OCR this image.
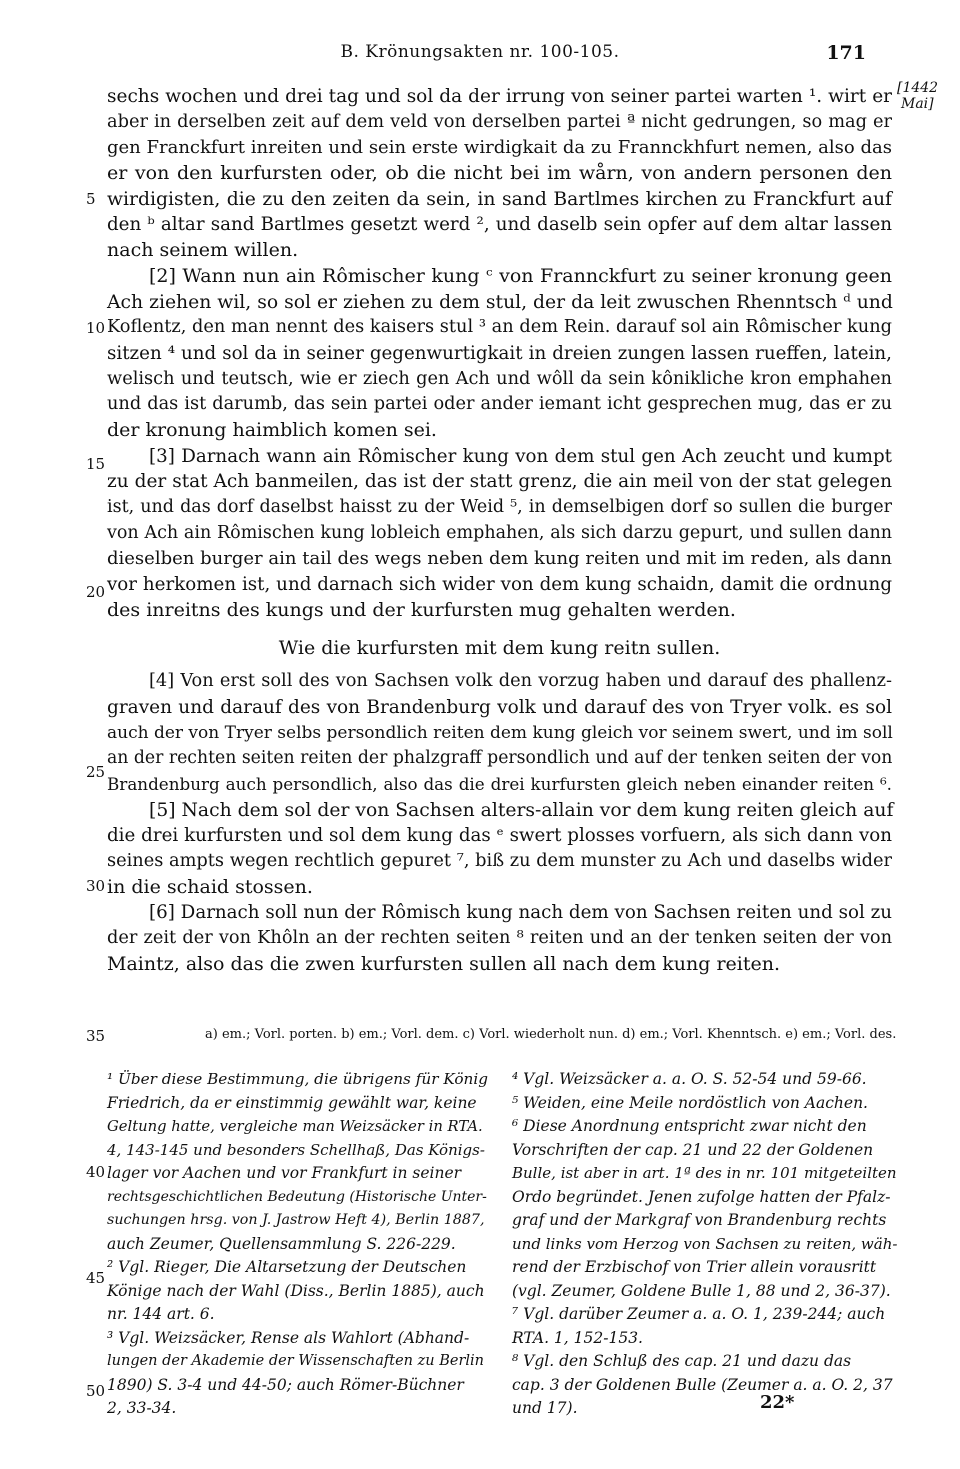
B. Krönungsakten nr. 100-105.	171
[1442
Mai]
5
10
15
20
25
30
35
40
45
50
sechs wochen und drei tag und sol da der irrung von seiner partei warten ¹. wirt er
aber in derselben zeit auf dem veld von derselben partei ª nicht gedrungen, so mag er
gen Franckfurt inreiten und sein erste wirdigkait da zu Frannckhfurt nemen, also das
er von den kurfursten oder, ob die nicht bei im wårn, von andern personen den
wirdigisten, die zu den zeiten da sein, in sand Bartlmes kirchen zu Franckfurt auf
den ᵇ altar sand Bartlmes gesetzt werd ², und daselb sein opfer auf dem altar lassen
nach seinem willen.
[2] Wann nun ain Rômischer kung ᶜ von Frannckfurt zu seiner kronung geen
Ach ziehen wil, so sol er ziehen zu dem stul, der da leit zwuschen Rhenntsch ᵈ und
Koflentz, den man nennt des kaisers stul ³ an dem Rein. darauf sol ain Rômischer kung
sitzen ⁴ und sol da in seiner gegenwurtigkait in dreien zungen lassen rueffen, latein,
welisch und teutsch, wie er ziech gen Ach und wôll da sein kônikliche kron emphahen
und das ist darumb, das sein partei oder ander iemant icht gesprechen mug, das er zu
der kronung haimblich komen sei.
[3] Darnach wann ain Rômischer kung von dem stul gen Ach zeucht und kumpt
zu der stat Ach banmeilen, das ist der statt grenz, die ain meil von der stat gelegen
ist, und das dorf daselbst haisst zu der Weid ⁵, in demselbigen dorf so sullen die burger
von Ach ain Rômischen kung lobleich emphahen, als sich darzu gepurt, und sullen dann
dieselben burger ain tail des wegs neben dem kung reiten und mit im reden, als dann
vor herkomen ist, und darnach sich wider von dem kung schaidn, damit die ordnung
des inreitns des kungs und der kurfursten mug gehalten werden.
Wie die kurfursten mit dem kung reitn sullen.
[4] Von erst soll des von Sachsen volk den vorzug haben und darauf des phallenz-
graven und darauf des von Brandenburg volk und darauf des von Tryer volk. es sol
auch der von Tryer selbs persondlich reiten dem kung gleich vor seinem swert, und im soll
an der rechten seiten reiten der phalzgraff persondlich und auf der tenken seiten der von
Brandenburg auch persondlich, also das die drei kurfursten gleich neben einander reiten ⁶.
[5] Nach dem sol der von Sachsen alters-allain vor dem kung reiten gleich auf
die drei kurfursten und sol dem kung das ᵉ swert plosses vorfuern, als sich dann von
seines ampts wegen rechtlich gepuret ⁷, biß zu dem munster zu Ach und daselbs wider
in die schaid stossen.
[6] Darnach soll nun der Rômisch kung nach dem von Sachsen reiten und sol zu
der zeit der von Khôln an der rechten seiten ⁸ reiten und an der tenken seiten der von
Maintz, also das die zwen kurfursten sullen all nach dem kung reiten.
a) em.; Vorl. porten. b) em.; Vorl. dem. c) Vorl. wiederholt nun. d) em.; Vorl. Khenntsch. e) em.; Vorl. des.
¹ Über diese Bestimmung, die übrigens für König
Friedrich, da er einstimmig gewählt war, keine
Geltung hatte, vergleiche man Weizsäcker in RTA.
4, 143-145 und besonders Schellhaß, Das Königs-
lager vor Aachen und vor Frankfurt in seiner
rechtsgeschichtlichen Bedeutung (Historische Unter-
suchungen hrsg. von J. Jastrow Heft 4), Berlin 1887,
auch Zeumer, Quellensammlung S. 226-229.
² Vgl. Rieger, Die Altarsetzung der Deutschen
Könige nach der Wahl (Diss., Berlin 1885), auch
nr. 144 art. 6.
³ Vgl. Weizsäcker, Rense als Wahlort (Abhand-
lungen der Akademie der Wissenschaften zu Berlin
1890) S. 3-4 und 44-50; auch Römer-Büchner
2, 33-34.
⁴ Vgl. Weizsäcker a. a. O. S. 52-54 und 59-66.
⁵ Weiden, eine Meile nordöstlich von Aachen.
⁶ Diese Anordnung entspricht zwar nicht den
Vorschriften der cap. 21 und 22 der Goldenen
Bulle, ist aber in art. 1ª des in nr. 101 mitgeteilten
Ordo begründet. Jenen zufolge hatten der Pfalz-
graf und der Markgraf von Brandenburg rechts
und links vom Herzog von Sachsen zu reiten, wäh-
rend der Erzbischof von Trier allein vorausritt
(vgl. Zeumer, Goldene Bulle 1, 88 und 2, 36-37).
⁷ Vgl. darüber Zeumer a. a. O. 1, 239-244; auch
RTA. 1, 152-153.
⁸ Vgl. den Schluß des cap. 21 und dazu das
cap. 3 der Goldenen Bulle (Zeumer a. a. O. 2, 37
und 17).	22*
